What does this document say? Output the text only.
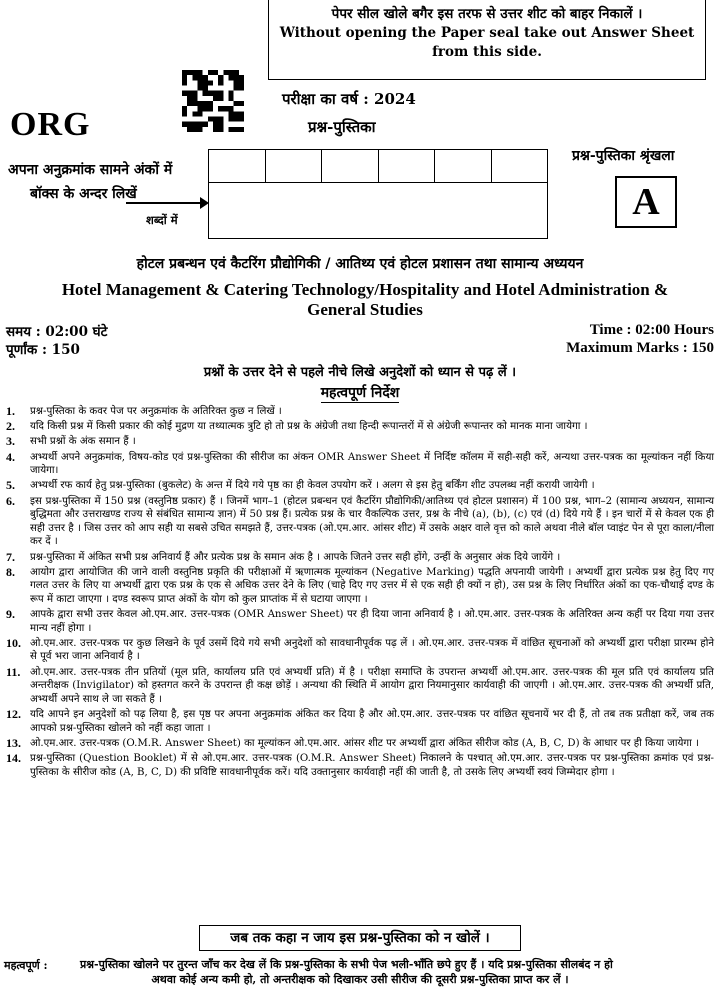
पेपर सील खोले बगैर इस तरफ से उत्तर शीट को बाहर निकालें ।
Without opening the Paper seal take out Answer Sheet
from this side.
ORG
परीक्षा का वर्ष : 2024
प्रश्न-पुस्तिका
प्रश्न-पुस्तिका श्रृंखला
A
अपना अनुक्रमांक सामने अंकों में
बॉक्स के अन्दर लिखें
शब्दों में
होटल प्रबन्धन एवं कैटरिंग प्रौद्योगिकी / आतिथ्य एवं होटल प्रशासन तथा सामान्य अध्ययन
Hotel Management & Catering Technology/Hospitality and Hotel Administration &
General Studies
समय : 02:00 घंटे
पूर्णांक : 150
Time : 02:00 Hours
Maximum Marks : 150
प्रश्नों के उत्तर देने से पहले नीचे लिखे अनुदेशों को ध्यान से पढ़ लें ।
महत्वपूर्ण निर्देश
1.	प्रश्न-पुस्तिका के कवर पेज पर अनुक्रमांक के अतिरिक्त कुछ न लिखें ।
2.	यदि किसी प्रश्न में किसी प्रकार की कोई मुद्रण या तथ्यात्मक त्रुटि हो तो प्रश्न के अंग्रेजी तथा हिन्दी रूपान्तरों में से अंग्रेजी रूपान्तर को मानक माना जायेगा ।
3.	सभी प्रश्नों के अंक समान हैं ।
4.	अभ्यर्थी अपने अनुक्रमांक, विषय-कोड एवं प्रश्न-पुस्तिका की सीरीज का अंकन OMR Answer Sheet में निर्दिष्ट कॉलम में सही-सही करें, अन्यथा उत्तर-पत्रक का मूल्यांकन नहीं किया जायेगा।
5.	अभ्यर्थी रफ कार्य हेतु प्रश्न-पुस्तिका (बुकलेट) के अन्त में दिये गये पृष्ठ का ही केवल उपयोग करें । अलग से इस हेतु बर्किंग शीट उपलब्ध नहीं करायी जायेगी ।
6.	इस प्रश्न-पुस्तिका में 150 प्रश्न (वस्तुनिष्ठ प्रकार) हैं । जिनमें भाग–1 (होटल प्रबन्धन एवं कैटरिंग प्रौद्योगिकी/आतिथ्य एवं होटल प्रशासन) में 100 प्रश्न, भाग–2 (सामान्य अध्ययन, सामान्य बुद्धिमता और उत्तराखण्ड राज्य से संबंधित सामान्य ज्ञान) में 50 प्रश्न हैं। प्रत्येक प्रश्न के चार वैकल्पिक उत्तर, प्रश्न के नीचे (a), (b), (c) एवं (d) दिये गये हैं । इन चारों में से केवल एक ही सही उत्तर है । जिस उत्तर को आप सही या सबसे उचित समझते हैं, उत्तर-पत्रक (ओ.एम.आर. आंसर शीट) में उसके अक्षर वाले वृत्त को काले अथवा नीले बॉल प्वाइंट पेन से पूरा काला/नीला कर दें ।
7.	प्रश्न-पुस्तिका में अंकित सभी प्रश्न अनिवार्य हैं और प्रत्येक प्रश्न के समान अंक है । आपके जितने उत्तर सही होंगे, उन्हीं के अनुसार अंक दिये जायेंगे ।
8.	आयोग द्वारा आयोजित की जाने वाली वस्तुनिष्ठ प्रकृति की परीक्षाओं में ऋणात्मक मूल्यांकन (Negative Marking) पद्धति अपनायी जायेगी । अभ्यर्थी द्वारा प्रत्येक प्रश्न हेतु दिए गए गलत उत्तर के लिए या अभ्यर्थी द्वारा एक प्रश्न के एक से अधिक उत्तर देने के लिए (चाहे दिए गए उत्तर में से एक सही ही क्यों न हो), उस प्रश्न के लिए निर्धारित अंकों का एक-चौथाई दण्ड के रूप में काटा जाएगा । दण्ड स्वरूप प्राप्त अंकों के योग को कुल प्राप्तांक में से घटाया जाएगा ।
9.	आपके द्वारा सभी उत्तर केवल ओ.एम.आर. उत्तर-पत्रक (OMR Answer Sheet) पर ही दिया जाना अनिवार्य है । ओ.एम.आर. उत्तर-पत्रक के अतिरिक्त अन्य कहीं पर दिया गया उत्तर मान्य नहीं होगा ।
10. ओ.एम.आर. उत्तर-पत्रक पर कुछ लिखने के पूर्व उसमें दिये गये सभी अनुदेशों को सावधानीपूर्वक पढ़ लें । ओ.एम.आर. उत्तर-पत्रक में वांछित सूचनाओं को अभ्यर्थी द्वारा परीक्षा प्रारम्भ होने से पूर्व भरा जाना अनिवार्य है ।
11. ओ.एम.आर. उत्तर-पत्रक तीन प्रतियों (मूल प्रति, कार्यालय प्रति एवं अभ्यर्थी प्रति) में है । परीक्षा समाप्ति के उपरान्त अभ्यर्थी ओ.एम.आर. उत्तर-पत्रक की मूल प्रति एवं कार्यालय प्रति अन्तरीक्षक (Invigilator) को हस्तगत करने के उपरान्त ही कक्ष छोड़ें । अन्यथा की स्थिति में आयोग द्वारा नियमानुसार कार्यवाही की जाएगी । ओ.एम.आर. उत्तर-पत्रक की अभ्यर्थी प्रति, अभ्यर्थी अपने साथ ले जा सकते हैं ।
12. यदि आपने इन अनुदेशों को पढ़ लिया है, इस पृष्ठ पर अपना अनुक्रमांक अंकित कर दिया है और ओ.एम.आर. उत्तर-पत्रक पर वांछित सूचनायें भर दी हैं, तो तब तक प्रतीक्षा करें, जब तक आपको प्रश्न-पुस्तिका खोलने को नहीं कहा जाता ।
13. ओ.एम.आर. उत्तर-पत्रक (O.M.R. Answer Sheet) का मूल्यांकन ओ.एम.आर. आंसर शीट पर अभ्यर्थी द्वारा अंकित सीरीज कोड (A, B, C, D) के आधार पर ही किया जायेगा ।
14. प्रश्न-पुस्तिका (Question Booklet) में से ओ.एम.आर. उत्तर-पत्रक (O.M.R. Answer Sheet) निकालने के पश्चात् ओ.एम.आर. उत्तर-पत्रक पर प्रश्न-पुस्तिका क्रमांक एवं प्रश्न-पुस्तिका के सीरीज कोड (A, B, C, D) की प्रविष्टि सावधानीपूर्वक करें। यदि उक्तानुसार कार्यवाही नहीं की जाती है, तो उसके लिए अभ्यर्थी स्वयं जिम्मेदार होगा ।
जब तक कहा न जाय इस प्रश्न-पुस्तिका को न खोलें ।
महत्वपूर्ण :	प्रश्न-पुस्तिका खोलने पर तुरन्त जाँच कर देख लें कि प्रश्न-पुस्तिका के सभी पेज भली-भाँति छपे हुए हैं । यदि प्रश्न-पुस्तिका सीलबंद न हो
अथवा कोई अन्य कमी हो, तो अन्तरीक्षक को दिखाकर उसी सीरीज की दूसरी प्रश्न-पुस्तिका प्राप्त कर लें ।
